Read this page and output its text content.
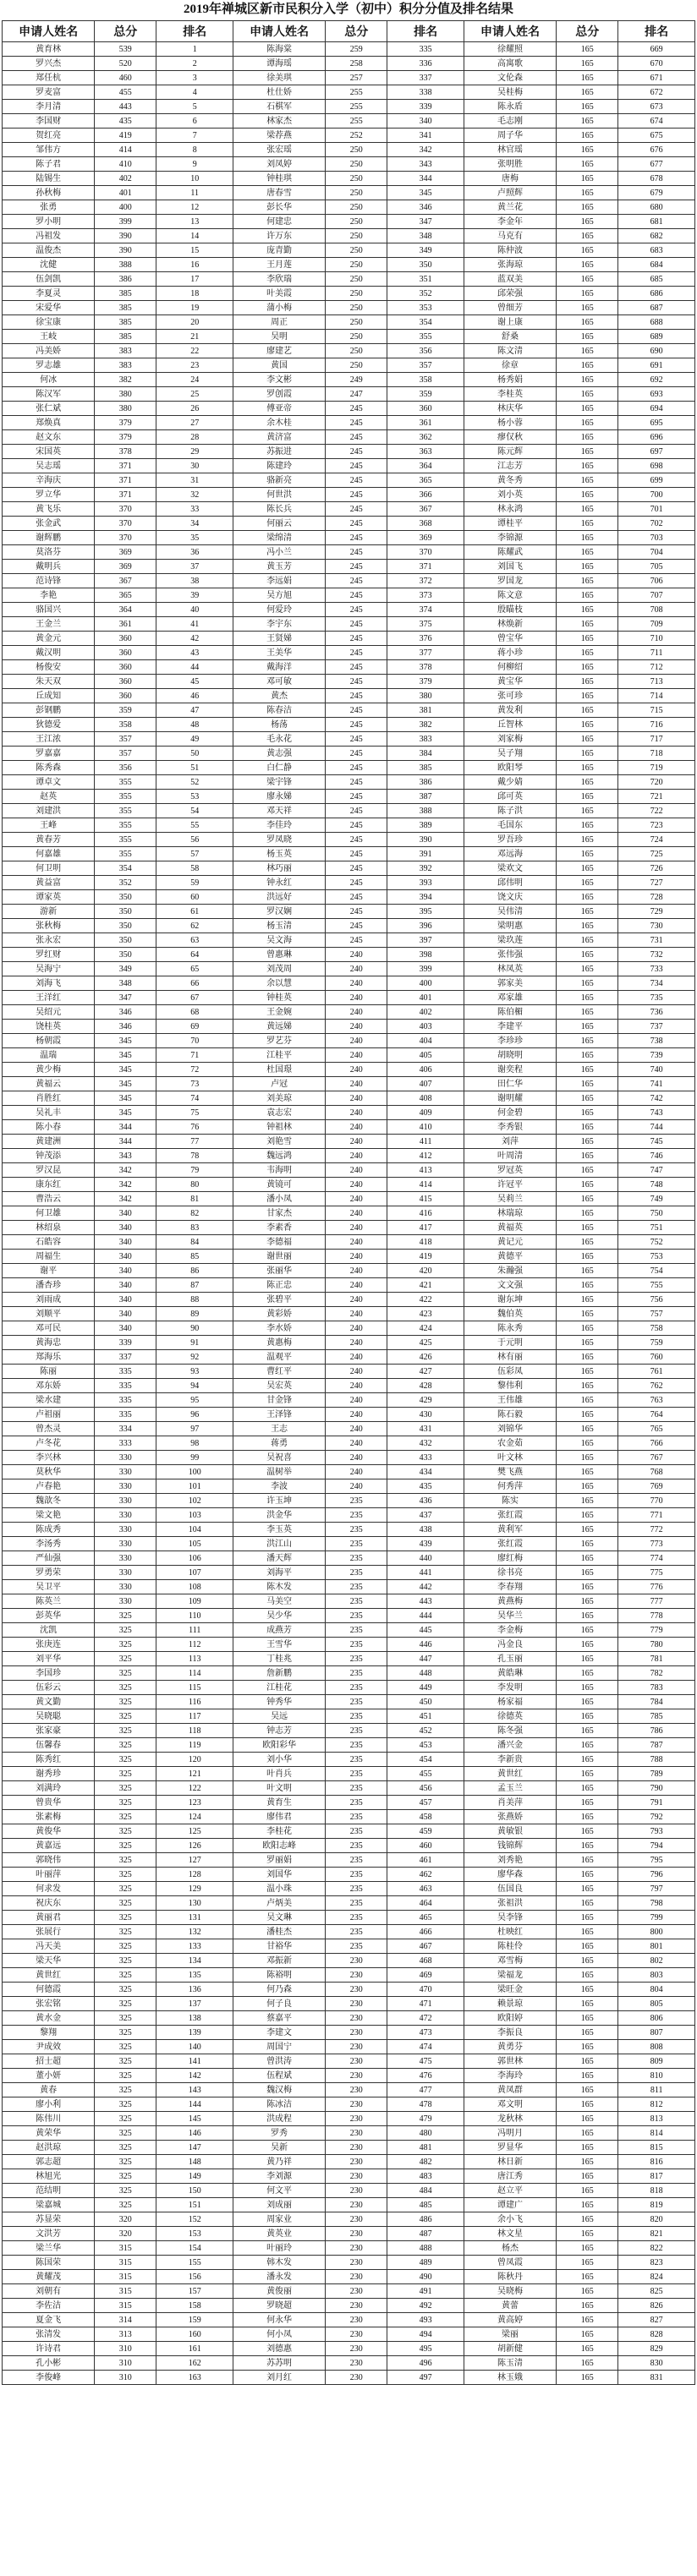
2019年禅城区新市民积分入学（初中）积分分值及排名结果
申请人姓名	总分	排名	申请人姓名	总分	排名	申请人姓名	总分	排名
黄育林	539	1	陈海棠	259	335	徐耀照	165	669
罗兴杰	520	2	谭海瑶	258	336	高寓歌	165	670
郑任杭	460	3	徐美琪	257	337	文伦森	165	671
罗麦富	455	4	杜仕娇	255	338	吴桂梅	165	672
李月清	443	5	石棋军	255	339	陈永盾	165	673
李国财	435	6	林家杰	255	340	毛志刚	165	674
贺红亮	419	7	梁荐燕	252	341	周子华	165	675
邹伟方	414	8	张宏瑶	250	342	林官瑶	165	676
陈子君	410	9	刘凤婷	250	343	张明胜	165	677
陆锡生	402	10	钟桂琪	250	344	唐梅	165	678
孙秋梅	401	11	唐春雪	250	345	卢照辉	165	679
张勇	400	12	彭长华	250	346	黄兰花	165	680
罗小明	399	13	何建忠	250	347	李金年	165	681
冯祖发	390	14	许万东	250	348	马克有	165	682
温俊杰	390	15	庞青勤	250	349	陈仲波	165	683
沈健	388	16	王月莲	250	350	张海琼	165	684
伍剑凯	386	17	李欣瑞	250	351	蓝双美	165	685
李夏灵	385	18	叶美霞	250	352	邱荣强	165	686
宋爱华	385	19	蒲小梅	250	353	曾细芳	165	687
徐宝康	385	20	周正	250	354	谢上康	165	688
王岐	385	21	吴明	250	355	舒桑	165	689
冯美娇	383	22	廖建艺	250	356	陈文清	165	690
罗志雄	383	23	黄国	250	357	徐章	165	691
何冰	382	24	李文彬	249	358	杨秀娟	165	692
陈汉军	380	25	罗创霞	247	359	李桂英	165	693
张仁斌	380	26	傅亚帝	245	360	林庆华	165	694
郑焕真	379	27	余木桂	245	361	杨小蓉	165	695
赵文东	379	28	黄济富	245	362	瘳仅秋	165	696
宋国英	378	29	苏振进	245	363	陈元辉	165	697
吴志瑶	371	30	陈建玲	245	364	江志芳	165	698
辛海庆	371	31	骆新亮	245	365	黄冬秀	165	699
罗立华	371	32	何世洪	245	366	刘小英	165	700
黄飞乐	370	33	陈长兵	245	367	林永鸿	165	701
张金武	370	34	何丽云	245	368	谭桂平	165	702
谢辉鹏	370	35	梁绵清	245	369	李锦源	165	703
莫洛芬	369	36	冯小兰	245	370	陈耀武	165	704
戴明兵	369	37	黄玉芳	245	371	刘国飞	165	705
范诗锋	367	38	李远娟	245	372	罗国龙	165	706
李艳	365	39	吴方旭	245	373	陈文意	165	707
骆国兴	364	40	何爱玲	245	374	殷瞄枝	165	708
王金兰	361	41	李宇东	245	375	林焕新	165	709
黄金元	360	42	王贤娣	245	376	曾宝华	165	710
戴汉明	360	43	王美华	245	377	蒋小珍	165	711
杨俊安	360	44	戴海洋	245	378	何柳绍	165	712
朱天双	360	45	邓可敏	245	379	黄宝华	165	713
丘成知	360	46	黄杰	245	380	张可珍	165	714
彭钢鹏	359	47	陈春洁	245	381	黄发利	165	715
狄德爱	358	48	杨荡	245	382	丘智林	165	716
王江浓	357	49	毛永花	245	383	刘家梅	165	717
罗嘉嘉	357	50	黄志强	245	384	吴子翔	165	718
陈秀森	356	51	白仁静	245	385	欧阳琴	165	719
谭卓文	355	52	梁宇锋	245	386	戴少婧	165	720
赵英	355	53	廖永娣	245	387	邱可英	165	721
刘建洪	355	54	邓天祥	245	388	陈子洪	165	722
王峰	355	55	李佳玲	245	389	毛国东	165	723
黄春芳	355	56	罗凤晓	245	390	罗吾珍	165	724
何嘉雄	355	57	杨玉英	245	391	邓远海	165	725
何卫明	354	58	林巧丽	245	392	梁欢文	165	726
黄益富	352	59	钟永红	245	393	邱伟明	165	727
谭家英	350	60	洪远好	245	394	饶文庆	165	728
游新	350	61	罗汉娴	245	395	吴伟清	165	729
张秋梅	350	62	杨玉清	245	396	梁明惠	165	730
张永宏	350	63	吴文海	245	397	梁玖莲	165	731
罗红财	350	64	曾惠琳	240	398	张伟强	165	732
吴海宁	349	65	刘茂周	240	399	林凤英	165	733
刘海飞	348	66	余以慧	240	400	郭家美	165	734
王洋红	347	67	钟桂英	240	401	邓家雄	165	735
吴绍元	346	68	王金婉	240	402	陈伯楣	165	736
饶桂英	346	69	黄远娣	240	403	李建平	165	737
杨朝霞	345	70	罗艺芬	240	404	李珍珍	165	738
温瑞	345	71	江桂平	240	405	胡晓明	165	739
黄少梅	345	72	杜国璟	240	406	谢奕程	165	740
黄福云	345	73	卢冠	240	407	田仁华	165	741
肖胜红	345	74	刘美琼	240	408	谢明耀	165	742
吴礼丰	345	75	袁志宏	240	409	何金碧	165	743
陈小春	344	76	钟祖林	240	410	李秀银	165	744
黄建洲	344	77	刘艳雪	240	411	刘萍	165	745
钟茂添	343	78	魏远鸿	240	412	叶周清	165	746
罗汉昆	342	79	韦海明	240	413	罗冠英	165	747
康东红	342	80	黄镜可	240	414	许冠平	165	748
曹浩云	342	81	潘小凤	240	415	吴莉兰	165	749
何卫雄	340	82	甘家杰	240	416	林瑞琼	165	750
林绍泉	340	83	李素香	240	417	黄福英	165	751
石皓容	340	84	李德福	240	418	黄记元	165	752
周福生	340	85	谢世丽	240	419	黄德平	165	753
谢平	340	86	张丽华	240	420	朱瀚强	165	754
潘杏珍	340	87	陈正忠	240	421	文文强	165	755
刘雨成	340	88	张碧平	240	422	谢东坤	165	756
刘顺平	340	89	黄彩娇	240	423	魏伯英	165	757
邓可民	340	90	李水娇	240	424	陈永秀	165	758
黄海忠	339	91	黄惠梅	240	425	于元明	165	759
郑海乐	337	92	温观平	240	426	林有丽	165	760
陈丽	335	93	曹红平	240	427	伍彩凤	165	761
邓东娇	335	94	吴宏英	240	428	黎伟利	165	762
梁水建	335	95	甘金锋	240	429	王伟雄	165	763
卢祖丽	335	96	王泽锋	240	430	陈石毅	165	764
曾杰灵	334	97	王志	240	431	刘锦华	165	765
卢冬花	333	98	蒋勇	240	432	农金茹	165	766
李兴林	330	99	吴祝喜	240	433	叶文林	165	767
莫秋华	330	100	温树举	240	434	樊飞燕	165	768
卢春艳	330	101	李波	240	435	何秀萍	165	769
魏歆冬	330	102	许玉坤	235	436	陈实	165	770
梁文艳	330	103	洪金华	235	437	张红霞	165	771
陈成秀	330	104	李玉英	235	438	黄利军	165	772
李汤秀	330	105	洪江山	235	439	张红霞	165	773
严仙强	330	106	潘天辉	235	440	廖红梅	165	774
罗勇荣	330	107	刘海平	235	441	徐书亮	165	775
吴卫平	330	108	陈木发	235	442	李春翔	165	776
陈英兰	330	109	马美空	235	443	黄燕梅	165	777
彭英华	325	110	吴少华	235	444	吴华兰	165	778
沈凯	325	111	成燕芳	235	445	李金梅	165	779
张庚连	325	112	王雪华	235	446	冯金良	165	780
刘平华	325	113	丁桂兆	235	447	孔玉丽	165	781
李国珍	325	114	詹新鹏	235	448	黄皓琳	165	782
伍彩云	325	115	江桂花	235	449	李发明	165	783
黄文勤	325	116	钟秀华	235	450	杨家福	165	784
吴晓聪	325	117	吴远	235	451	徐德英	165	785
张家豪	325	118	钟志芳	235	452	陈冬强	165	786
伍馨春	325	119	欧阳彩华	235	453	潘兴金	165	787
陈秀红	325	120	刘小华	235	454	李新贵	165	788
谢秀珍	325	121	叶肖兵	235	455	黄世红	165	789
刘满玲	325	122	叶文明	235	456	孟玉兰	165	790
曾贵华	325	123	黄育生	235	457	肖美萍	165	791
张素梅	325	124	廖伟君	235	458	张燕娇	165	792
黄俊华	325	125	李桂花	235	459	黄敏银	165	793
黄嘉远	325	126	欧阳志峰	235	460	钱锦辉	165	794
郭晓伟	325	127	罗丽娟	235	461	刘秀艳	165	795
叶丽萍	325	128	刘国华	235	462	廖华森	165	796
何求发	325	129	温小珠	235	463	伍国良	165	797
祝庆东	325	130	卢炳美	235	464	张祖洪	165	798
黄丽君	325	131	吴文琳	235	465	吴李锋	165	799
张展行	325	132	潘桂杰	235	466	杜映红	165	800
冯天美	325	133	甘裕华	235	467	陈桂伶	165	801
梁天华	325	134	邓振新	230	468	邓雪梅	165	802
黄世红	325	135	陈裕明	230	469	梁福龙	165	803
何德霞	325	136	何乃森	230	470	梁旺金	165	804
张宏铭	325	137	何子良	230	471	赖景琼	165	805
黄水金	325	138	蔡嘉平	230	472	欧阳婷	165	806
黎翔	325	139	李建文	230	473	李振良	165	807
尹成效	325	140	周国宁	230	474	黄勇芬	165	808
招士超	325	141	曾洪涛	230	475	郭世林	165	809
董小妍	325	142	伍程斌	230	476	李海玲	165	810
黄春	325	143	魏汉梅	230	477	黄凤群	165	811
廖小利	325	144	陈冰洁	230	478	邓文明	165	812
陈伟川	325	145	洪成程	230	479	龙秋林	165	813
黄荣华	325	146	罗秀	230	480	冯明月	165	814
赵洪琼	325	147	吴新	230	481	罗显华	165	815
郭志超	325	148	黄乃祥	230	482	林日新	165	816
林旭光	325	149	李刘源	230	483	唐江秀	165	817
范结明	325	150	何文平	230	484	赵立平	165	818
梁嘉城	325	151	刘成丽	230	485	谭建广	165	819
苏显荣	320	152	周家业	230	486	余小飞	165	820
文洪芳	320	153	黄英业	230	487	林文星	165	821
梁兰华	315	154	叶丽玲	230	488	杨杰	165	822
陈国荣	315	155	韩木发	230	489	曾凤霞	165	823
黄耀茂	315	156	潘永发	230	490	陈秋丹	165	824
刘朝有	315	157	黄俊丽	230	491	吴晓梅	165	825
李佐洁	315	158	罗晓超	230	492	黄蕾	165	826
夏金飞	314	159	何永华	230	493	黄高婷	165	827
张清发	313	160	何小凤	230	494	梁丽	165	828
许诗君	310	161	刘德惠	230	495	胡新健	165	829
孔小彬	310	162	苏苏明	230	496	陈玉清	165	830
李俊峰	310	163	刘月红	230	497	林玉娥	165	831
